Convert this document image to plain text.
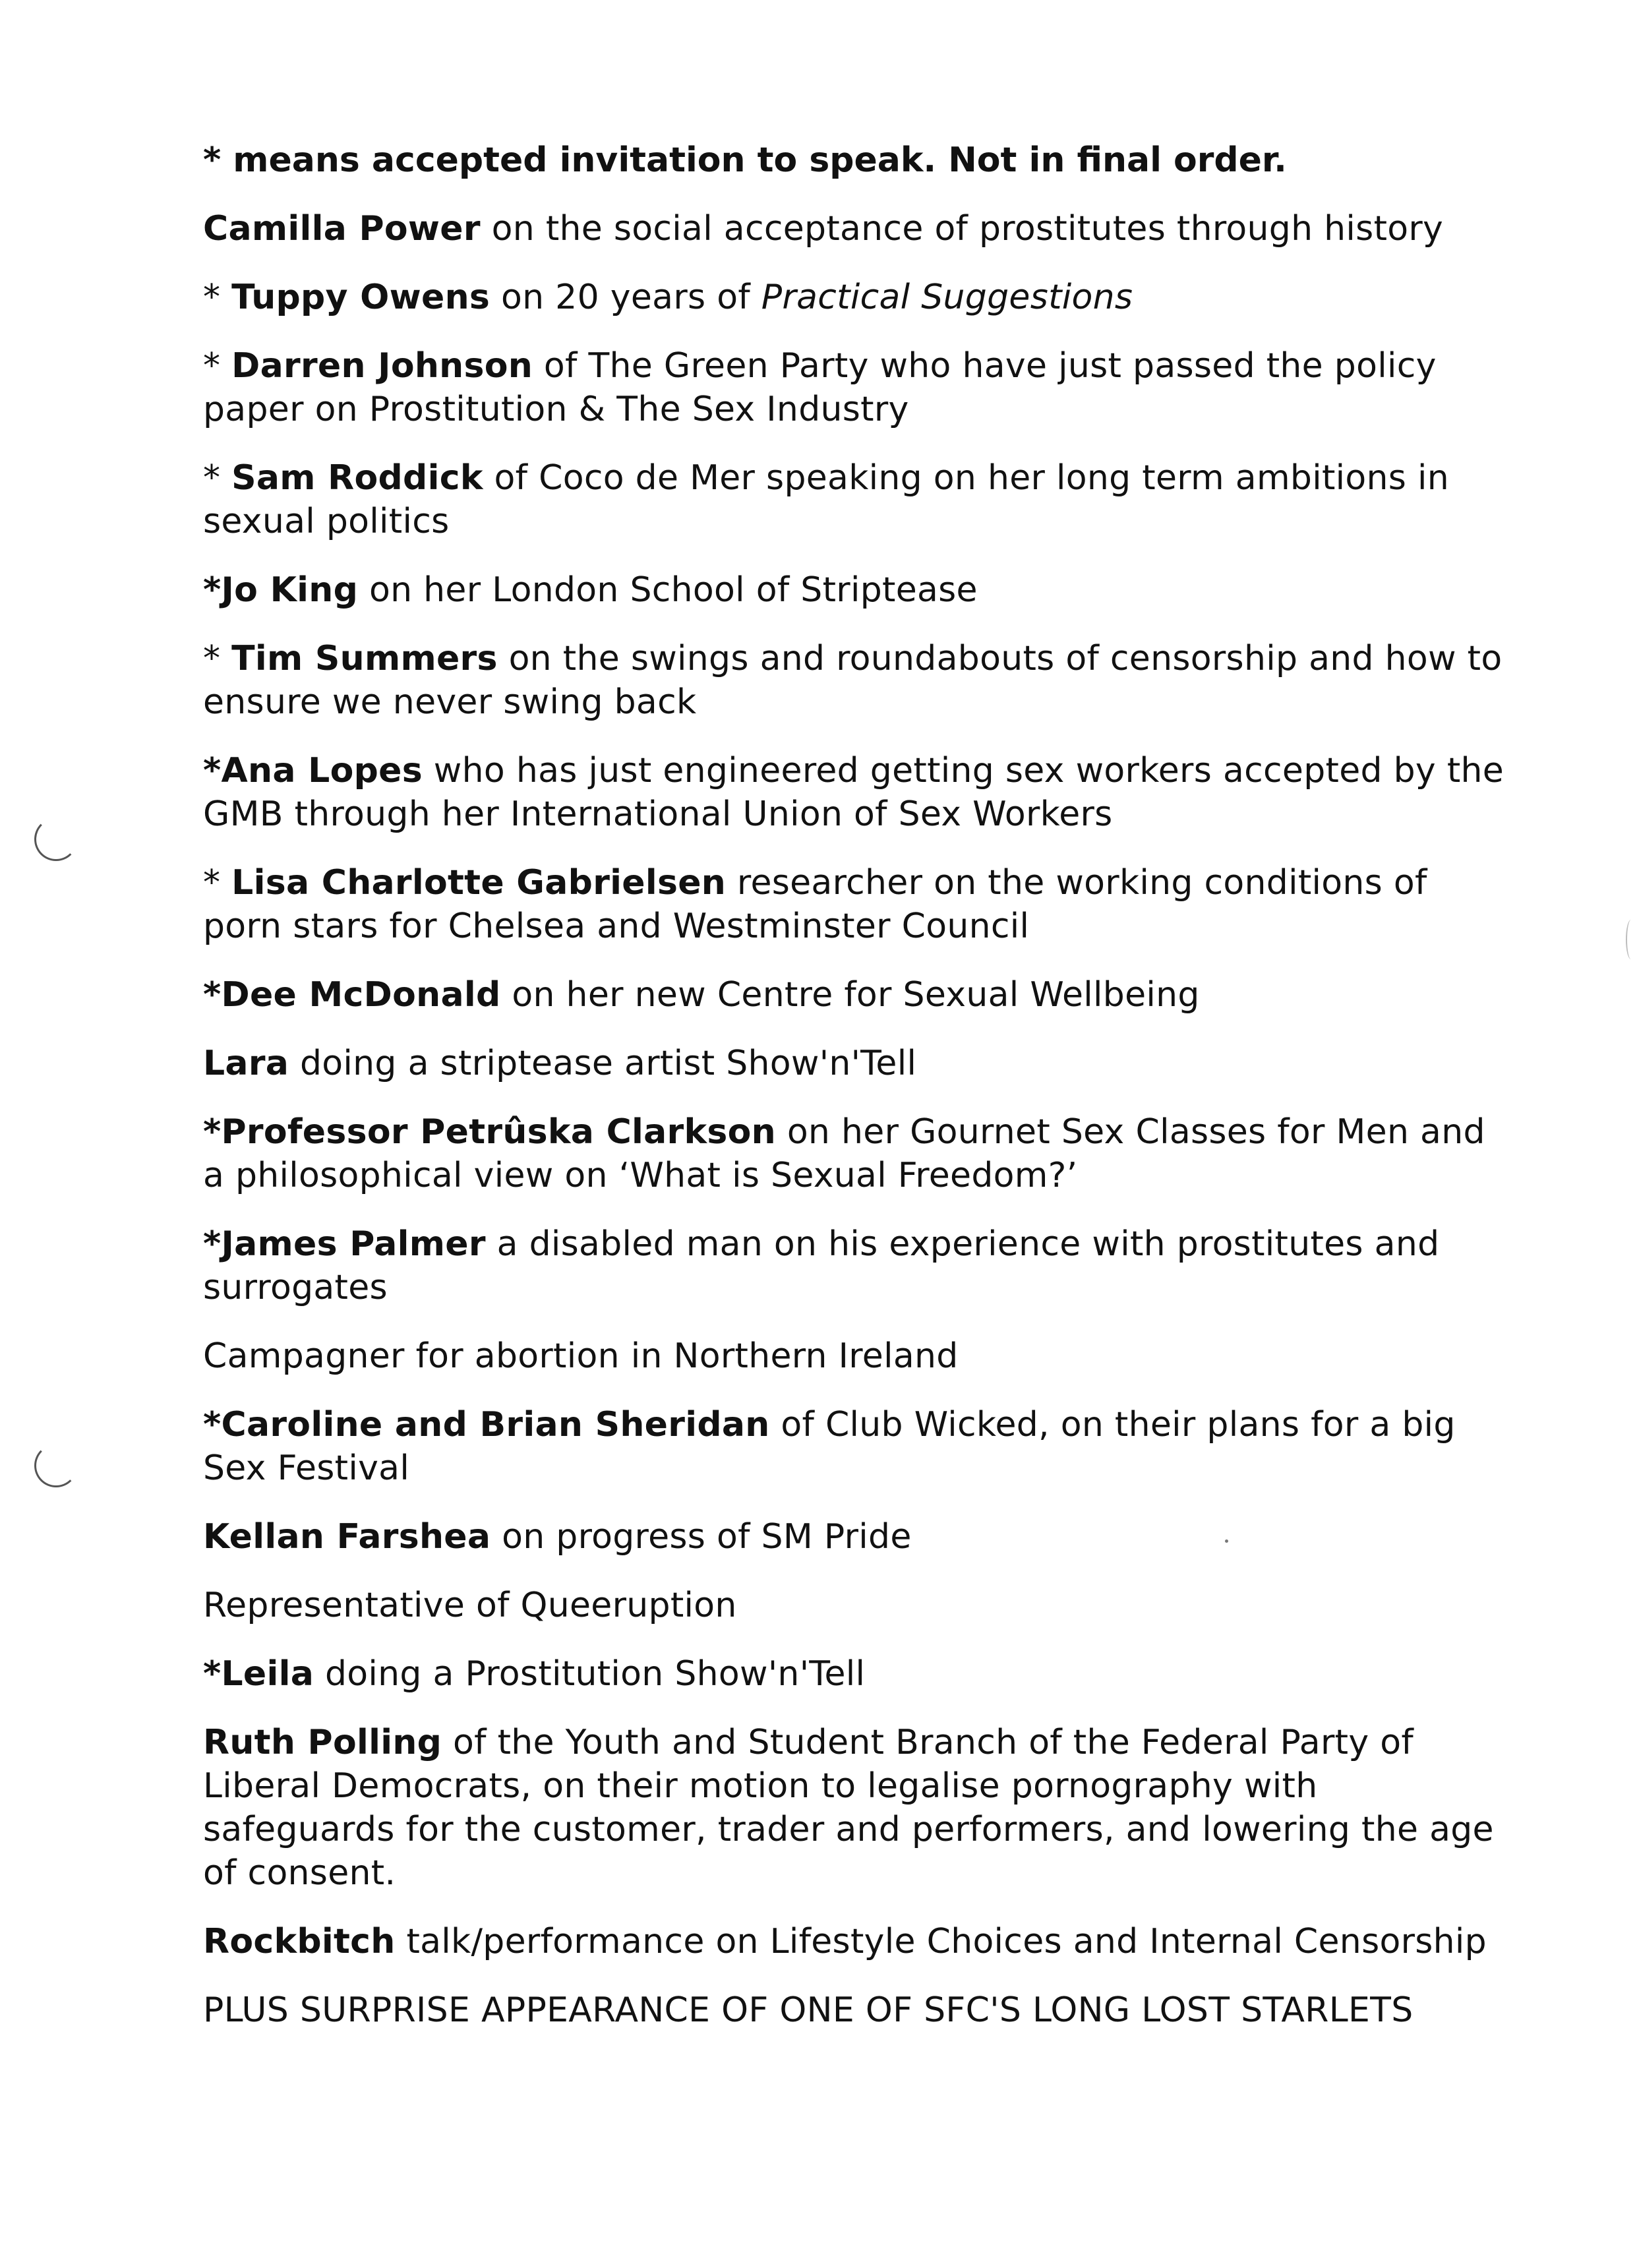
* means accepted invitation to speak. Not in final order.
Camilla Power on the social acceptance of prostitutes through history
* Tuppy Owens on 20 years of Practical Suggestions
* Darren Johnson of The Green Party who have just passed the policy paper on Prostitution & The Sex Industry
* Sam Roddick of Coco de Mer speaking on her long term ambitions in sexual politics
*Jo King on her London School of Striptease
* Tim Summers on the swings and roundabouts of censorship and how to ensure we never swing back
*Ana Lopes who has just engineered getting sex workers accepted by the GMB through her International Union of Sex Workers
* Lisa Charlotte Gabrielsen researcher on the working conditions of porn stars for Chelsea and Westminster Council
*Dee McDonald on her new Centre for Sexual Wellbeing
Lara doing a striptease artist Show'n'Tell
*Professor Petrûska Clarkson on her Gournet Sex Classes for Men and a philosophical view on ‘What is Sexual Freedom?’
*James Palmer a disabled man on his experience with prostitutes and surrogates
Campagner for abortion in Northern Ireland
*Caroline and Brian Sheridan of Club Wicked, on their plans for a big Sex Festival
Kellan Farshea on progress of SM Pride
Representative of Queeruption
*Leila doing a Prostitution Show'n'Tell
Ruth Polling of the Youth and Student Branch of the Federal Party of Liberal Democrats, on their motion to legalise pornography with safeguards for the customer, trader and performers, and lowering the age of consent.
Rockbitch talk/performance on Lifestyle Choices and Internal Censorship
PLUS SURPRISE APPEARANCE OF ONE OF SFC'S LONG LOST STARLETS
